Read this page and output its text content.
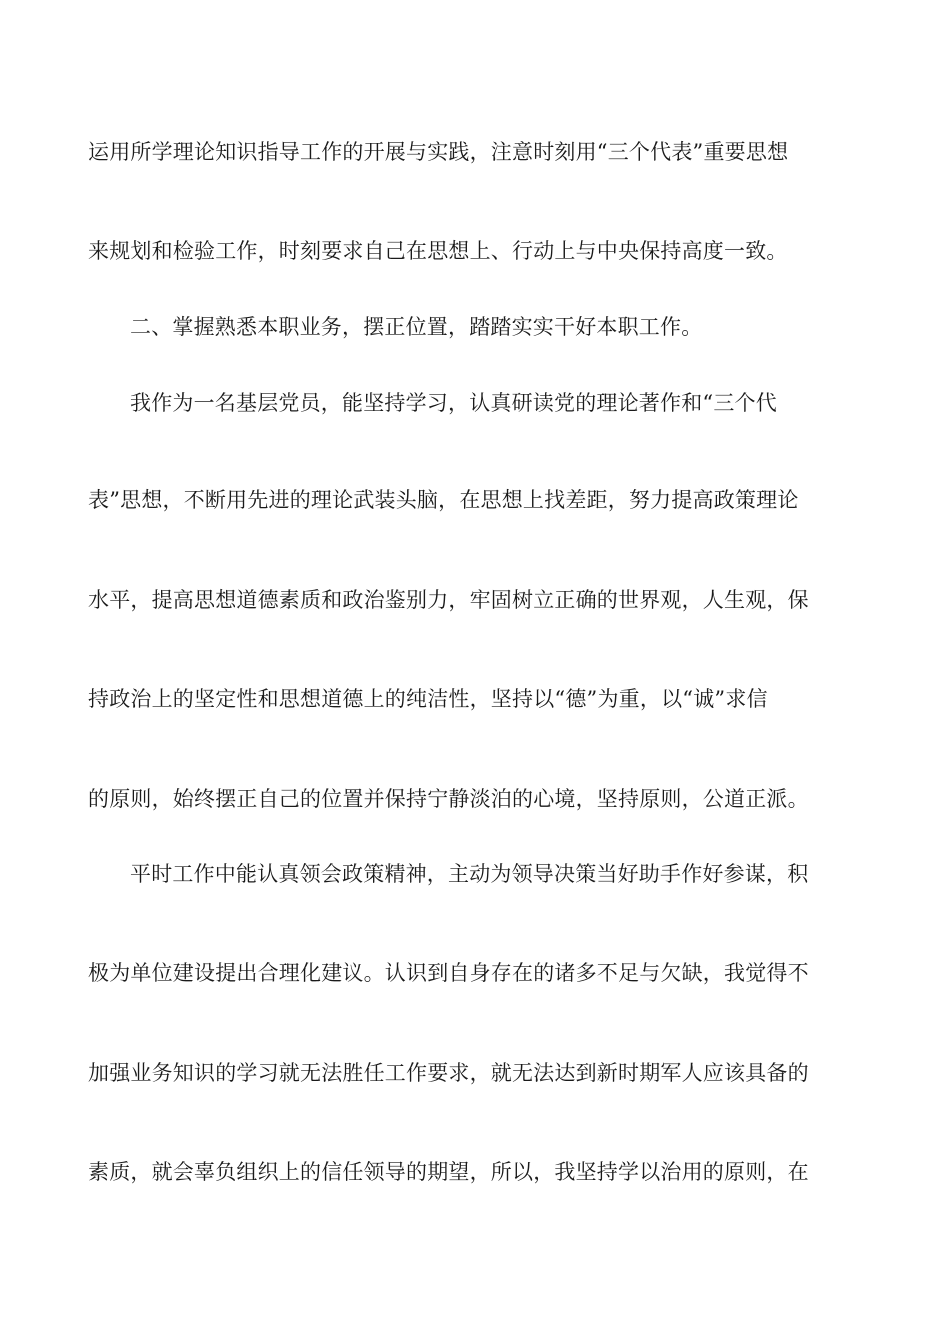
运用所学理论知识指导工作的开展与实践，注意时刻用“三个代表”重要思想
来规划和检验工作，时刻要求自己在思想上、行动上与中央保持高度一致。
二、掌握熟悉本职业务，摆正位置，踏踏实实干好本职工作。
我作为一名基层党员，能坚持学习，认真研读党的理论著作和“三个代
表”思想，不断用先进的理论武装头脑，在思想上找差距，努力提高政策理论
水平，提高思想道德素质和政治鉴别力，牢固树立正确的世界观，人生观，保
持政治上的坚定性和思想道德上的纯洁性，坚持以“德”为重，以“诚”求信
的原则，始终摆正自己的位置并保持宁静淡泊的心境，坚持原则，公道正派。
平时工作中能认真领会政策精神，主动为领导决策当好助手作好参谋，积
极为单位建设提出合理化建议。认识到自身存在的诸多不足与欠缺，我觉得不
加强业务知识的学习就无法胜任工作要求，就无法达到新时期军人应该具备的
素质，就会辜负组织上的信任领导的期望，所以，我坚持学以治用的原则，在
